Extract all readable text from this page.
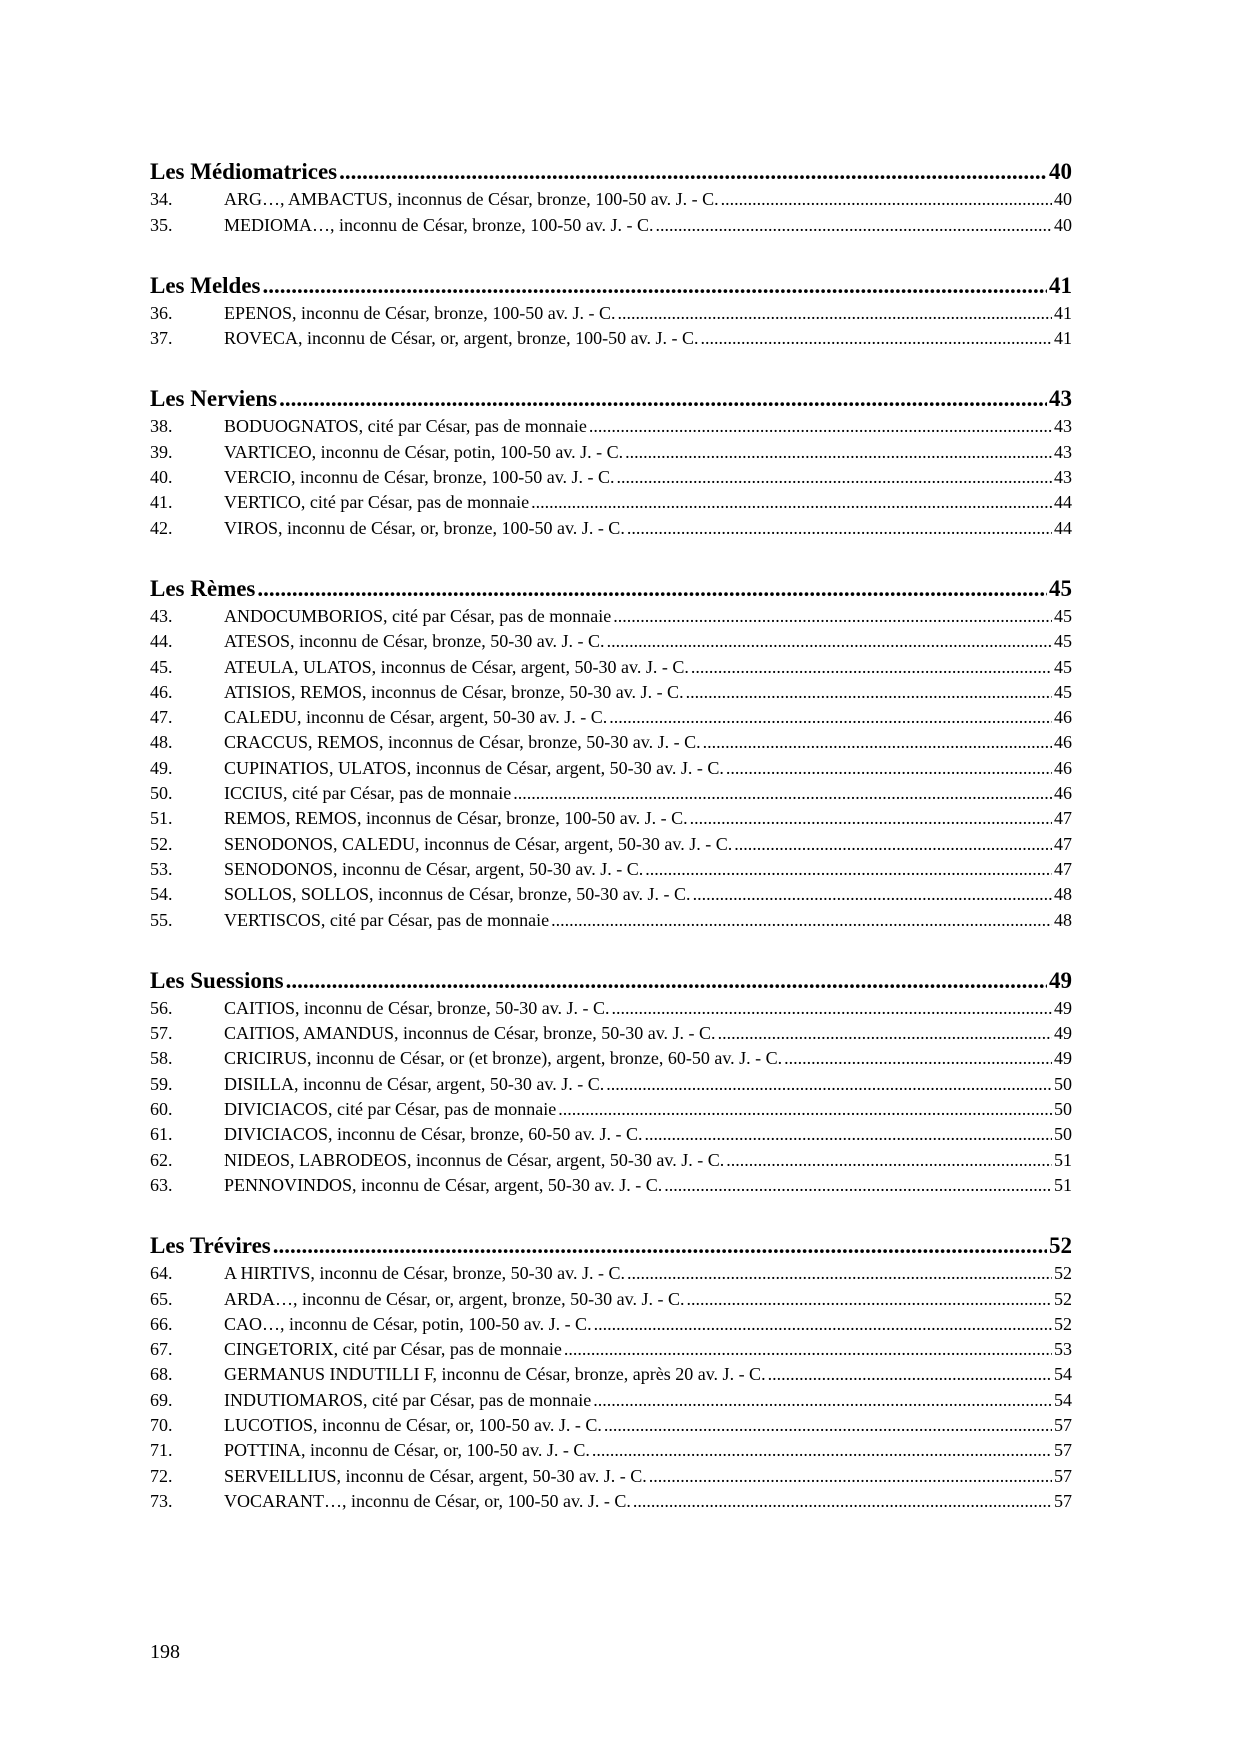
Les Médiomatrices .....	40
34.	ARG…, AMBACTUS, inconnus de César, bronze, 100-50 av. J. - C. .....	40
35.	MEDIOMA…, inconnu de César, bronze, 100-50 av. J. - C. .....	40
Les Meldes .....	41
36.	EPENOS, inconnu de César, bronze, 100-50 av. J. - C. .....	41
37.	ROVECA, inconnu de César, or, argent, bronze, 100-50 av. J. - C. .....	41
Les Nerviens .....	43
38.	BODUOGNATOS, cité par César, pas de monnaie .....	43
39.	VARTICEO, inconnu de César, potin, 100-50 av. J. - C. .....	43
40.	VERCIO, inconnu de César, bronze, 100-50 av. J. - C. .....	43
41.	VERTICO, cité par César, pas de monnaie .....	44
42.	VIROS, inconnu de César, or, bronze, 100-50 av. J. - C. .....	44
Les Rèmes .....	45
43.	ANDOCUMBORIOS, cité par César, pas de monnaie .....	45
44.	ATESOS, inconnu de César, bronze, 50-30 av. J. - C. .....	45
45.	ATEULA, ULATOS, inconnus de César, argent, 50-30 av. J. - C. .....	45
46.	ATISIOS, REMOS, inconnus de César, bronze, 50-30 av. J. - C. .....	45
47.	CALEDU, inconnu de César, argent, 50-30 av. J. - C. .....	46
48.	CRACCUS, REMOS, inconnus de César, bronze, 50-30 av. J. - C. .....	46
49.	CUPINATIOS, ULATOS, inconnus de César, argent, 50-30 av. J. - C. .....	46
50.	ICCIUS, cité par César, pas de monnaie .....	46
51.	REMOS, REMOS, inconnus de César, bronze, 100-50 av. J. - C. .....	47
52.	SENODONOS, CALEDU, inconnus de César, argent, 50-30 av. J. - C. .....	47
53.	SENODONOS, inconnu de César, argent, 50-30 av. J. - C. .....	47
54.	SOLLOS, SOLLOS, inconnus de César, bronze, 50-30 av. J. - C. .....	48
55.	VERTISCOS, cité par César, pas de monnaie .....	48
Les Suessions .....	49
56.	CAITIOS, inconnu de César, bronze, 50-30 av. J. - C. .....	49
57.	CAITIOS, AMANDUS, inconnus de César, bronze, 50-30 av. J. - C. .....	49
58.	CRICIRUS, inconnu de César, or (et bronze), argent, bronze, 60-50 av. J. - C. .....	49
59.	DISILLA, inconnu de César, argent, 50-30 av. J. - C. .....	50
60.	DIVICIACOS, cité par César, pas de monnaie .....	50
61.	DIVICIACOS, inconnu de César, bronze, 60-50 av. J. - C. .....	50
62.	NIDEOS, LABRODEOS, inconnus de César, argent, 50-30 av. J. - C. .....	51
63.	PENNOVINDOS, inconnu de César, argent, 50-30 av. J. - C. .....	51
Les Trévires .....	52
64.	A HIRTIVS, inconnu de César, bronze, 50-30 av. J. - C. .....	52
65.	ARDA…, inconnu de César, or, argent, bronze, 50-30 av. J. - C. .....	52
66.	CAO…, inconnu de César, potin, 100-50 av. J. - C. .....	52
67.	CINGETORIX, cité par César, pas de monnaie .....	53
68.	GERMANUS INDUTILLI F, inconnu de César, bronze, après 20 av. J. - C. .....	54
69.	INDUTIOMAROS, cité par César, pas de monnaie .....	54
70.	LUCOTIOS, inconnu de César, or, 100-50 av. J. - C. .....	57
71.	POTTINA, inconnu de César, or, 100-50 av. J. - C. .....	57
72.	SERVEILLIUS, inconnu de César, argent, 50-30 av. J. - C. .....	57
73.	VOCARANT…, inconnu de César, or, 100-50 av. J. - C. .....	57
198
